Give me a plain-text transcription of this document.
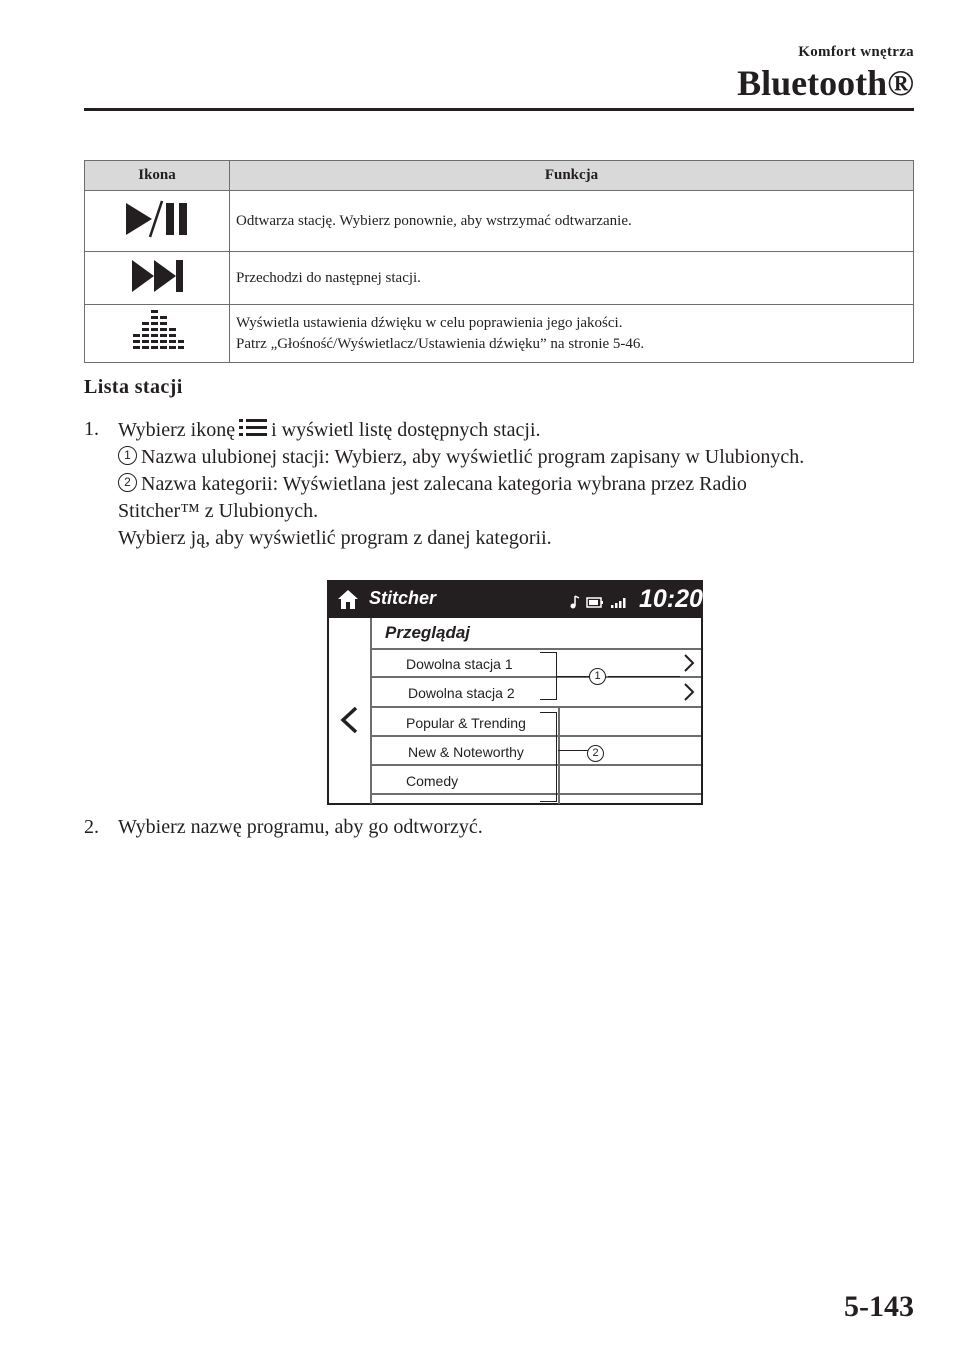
Komfort wnętrza
Bluetooth®
Ikona	Funkcja

Odtwarza stację. Wybierz ponownie, aby wstrzymać odtwarzanie.

Przechodzi do następnej stacji.

Wyświetla ustawienia dźwięku w celu poprawienia jego jakości.
Patrz „Głośność/Wyświetlacz/Ustawienia dźwięku” na stronie 5-46.
Lista stacji
1. Wybierz ikonę i wyświetl listę dostępnych stacji.
1 Nazwa ulubionej stacji: Wybierz, aby wyświetlić program zapisany w Ulubionych.
2 Nazwa kategorii: Wyświetlana jest zalecana kategoria wybrana przez Radio
Stitcher™ z Ulubionych.
Wybierz ją, aby wyświetlić program z danej kategorii.
Stitcher	10:20
Przeglądaj
Dowolna stacja 1
Dowolna stacja 2
Popular & Trending
New & Noteworthy
Comedy
1
2
2. Wybierz nazwę programu, aby go odtworzyć.
5-143
